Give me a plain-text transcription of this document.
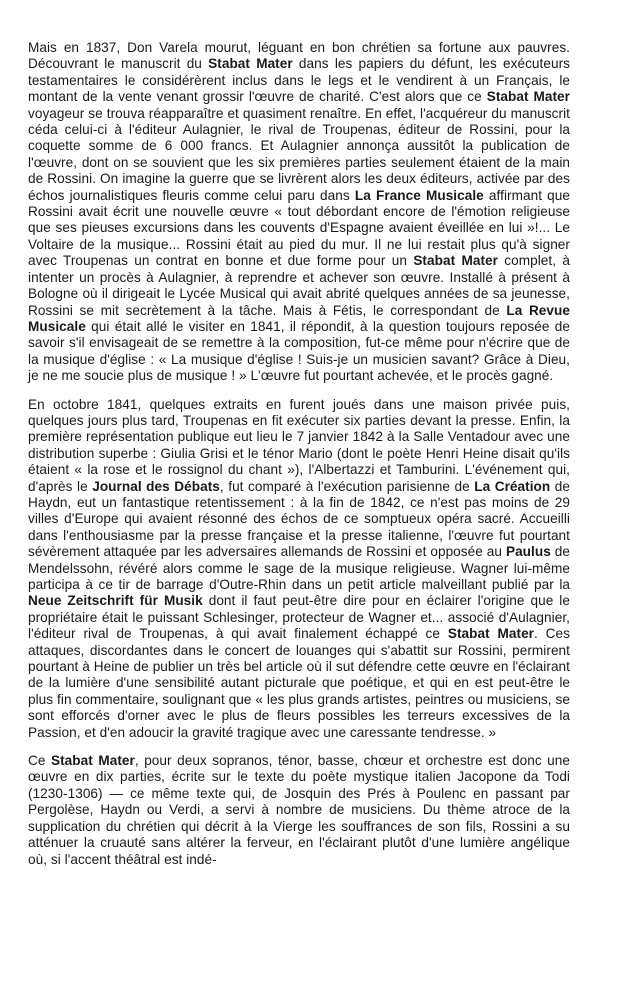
Mais en 1837, Don Varela mourut, léguant en bon chrétien sa fortune aux pauvres. Découvrant le manuscrit du Stabat Mater dans les papiers du défunt, les exécuteurs testamentaires le considérèrent inclus dans le legs et le vendirent à un Français, le montant de la vente venant grossir l'œuvre de charité. C'est alors que ce Stabat Mater voyageur se trouva réapparaître et quasiment renaître. En effet, l'acquéreur du manuscrit céda celui-ci à l'éditeur Aulagnier, le rival de Troupenas, éditeur de Rossini, pour la coquette somme de 6 000 francs. Et Aulagnier annonça aussitôt la publication de l'œuvre, dont on se souvient que les six premières parties seulement étaient de la main de Rossini. On imagine la guerre que se livrèrent alors les deux éditeurs, activée par des échos journalistiques fleuris comme celui paru dans La France Musicale affirmant que Rossini avait écrit une nouvelle œuvre « tout débordant encore de l'émotion religieuse que ses pieuses excursions dans les couvents d'Espagne avaient éveillée en lui »!... Le Voltaire de la musique... Rossini était au pied du mur. Il ne lui restait plus qu'à signer avec Troupenas un contrat en bonne et due forme pour un Stabat Mater complet, à intenter un procès à Aulagnier, à reprendre et achever son œuvre. Installé à présent à Bologne où il dirigeait le Lycée Musical qui avait abrité quelques années de sa jeunesse, Rossini se mit secrètement à la tâche. Mais à Fétis, le correspondant de La Revue Musicale qui était allé le visiter en 1841, il répondit, à la question toujours reposée de savoir s'il envisageait de se remettre à la composition, fut-ce même pour n'écrire que de la musique d'église : « La musique d'église ! Suis-je un musicien savant? Grâce à Dieu, je ne me soucie plus de musique ! » L'œuvre fut pourtant achevée, et le procès gagné.

En octobre 1841, quelques extraits en furent joués dans une maison privée puis, quelques jours plus tard, Troupenas en fit exécuter six parties devant la presse. Enfin, la première représentation publique eut lieu le 7 janvier 1842 à la Salle Ventadour avec une distribution superbe : Giulia Grisi et le ténor Mario (dont le poète Henri Heine disait qu'ils étaient « la rose et le rossignol du chant »), l'Albertazzi et Tamburini. L'événement qui, d'après le Journal des Débats, fut comparé à l'exécution parisienne de La Création de Haydn, eut un fantastique retentissement : à la fin de 1842, ce n'est pas moins de 29 villes d'Europe qui avaient résonné des échos de ce somptueux opéra sacré. Accueilli dans l'enthousiasme par la presse française et la presse italienne, l'œuvre fut pourtant sévèrement attaquée par les adversaires allemands de Rossini et opposée au Paulus de Mendelssohn, révéré alors comme le sage de la musique religieuse. Wagner lui-même participa à ce tir de barrage d'Outre-Rhin dans un petit article malveillant publié par la Neue Zeitschrift für Musik dont il faut peut-être dire pour en éclairer l'origine que le propriétaire était le puissant Schlesinger, protecteur de Wagner et... associé d'Aulagnier, l'éditeur rival de Troupenas, à qui avait finalement échappé ce Stabat Mater. Ces attaques, discordantes dans le concert de louanges qui s'abattit sur Rossini, permirent pourtant à Heine de publier un très bel article où il sut défendre cette œuvre en l'éclairant de la lumière d'une sensibilité autant picturale que poétique, et qui en est peut-être le plus fin commentaire, soulignant que « les plus grands artistes, peintres ou musiciens, se sont efforcés d'orner avec le plus de fleurs possibles les terreurs excessives de la Passion, et d'en adoucir la gravité tragique avec une caressante tendresse. »

Ce Stabat Mater, pour deux sopranos, ténor, basse, chœur et orchestre est donc une œuvre en dix parties, écrite sur le texte du poète mystique italien Jacopone da Todi (1230-1306) — ce même texte qui, de Josquin des Prés à Poulenc en passant par Pergolèse, Haydn ou Verdi, a servi à nombre de musiciens. Du thème atroce de la supplication du chrétien qui décrit à la Vierge les souffrances de son fils, Rossini a su atténuer la cruauté sans altérer la ferveur, en l'éclairant plutôt d'une lumière angélique où, si l'accent théâtral est indé-
